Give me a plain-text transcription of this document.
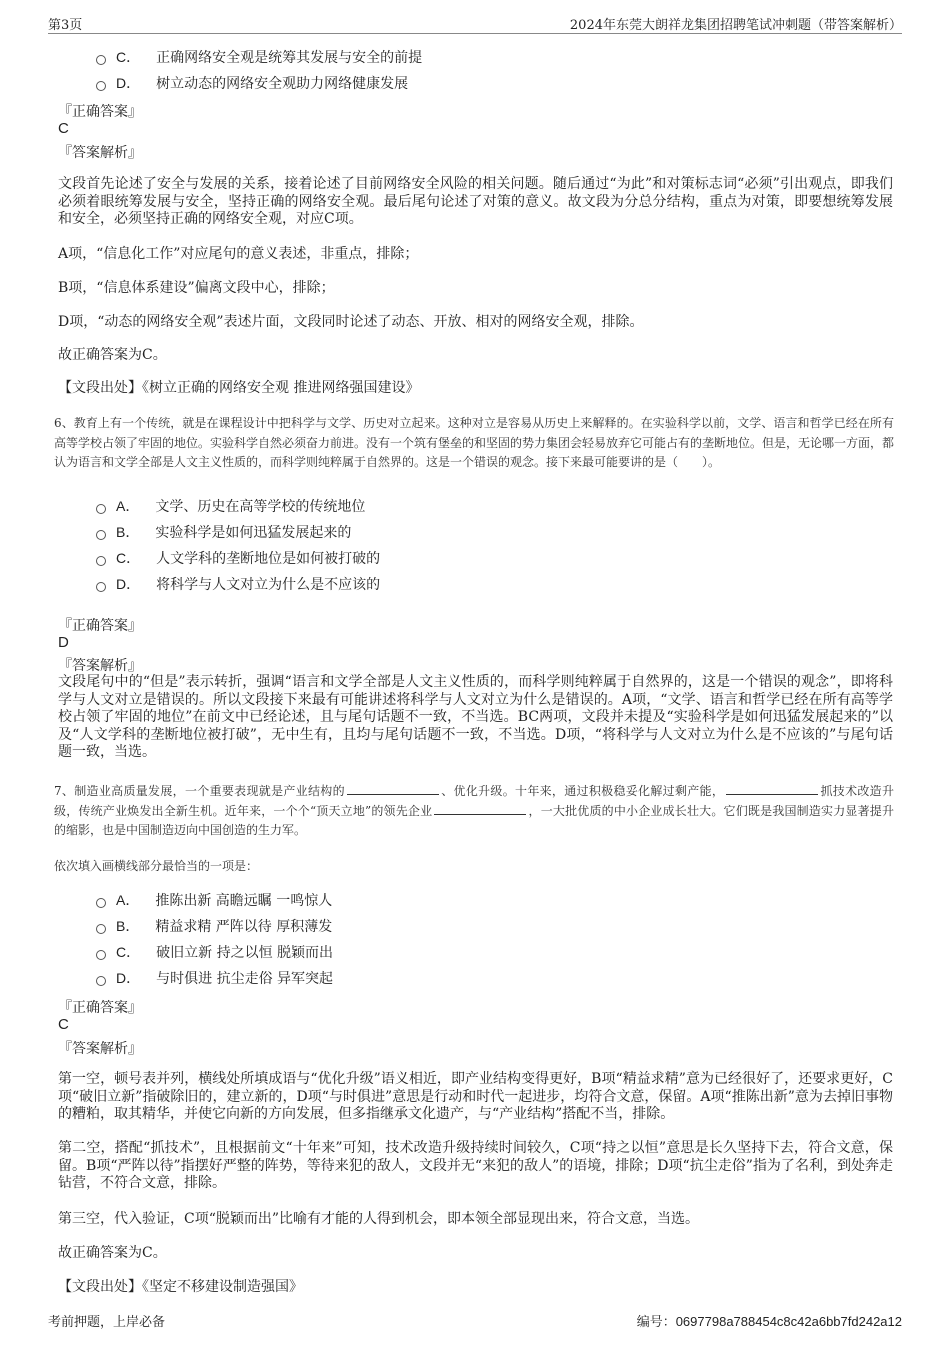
第3页	2024年东莞大朗祥龙集团招聘笔试冲刺题（带答案解析）
C． 正确网络安全观是统筹其发展与安全的前提
D． 树立动态的网络安全观助力网络健康发展
『正确答案』
C
『答案解析』
文段首先论述了安全与发展的关系，接着论述了目前网络安全风险的相关问题。随后通过“为此”和对策标志词“必须”引出观点，即我们必须着眼统筹发展与安全，坚持正确的网络安全观。最后尾句论述了对策的意义。故文段为分总分结构，重点为对策，即要想统筹发展和安全，必须坚持正确的网络安全观，对应C项。
A项，“信息化工作”对应尾句的意义表述，非重点，排除；
B项，“信息体系建设”偏离文段中心，排除；
D项，“动态的网络安全观”表述片面，文段同时论述了动态、开放、相对的网络安全观，排除。
故正确答案为C。
【文段出处】《树立正确的网络安全观 推进网络强国建设》
6、教育上有一个传统，就是在课程设计中把科学与文学、历史对立起来。这种对立是容易从历史上来解释的。在实验科学以前，文学、语言和哲学已经在所有高等学校占领了牢固的地位。实验科学自然必须奋力前进。没有一个筑有堡垒的和坚固的势力集团会轻易放弃它可能占有的垄断地位。但是，无论哪一方面，都认为语言和文学全部是人文主义性质的，而科学则纯粹属于自然界的。这是一个错误的观念。接下来最可能要讲的是（　　）。
A． 文学、历史在高等学校的传统地位
B． 实验科学是如何迅猛发展起来的
C． 人文学科的垄断地位是如何被打破的
D． 将科学与人文对立为什么是不应该的
『正确答案』
D
『答案解析』
文段尾句中的“但是”表示转折，强调“语言和文学全部是人文主义性质的，而科学则纯粹属于自然界的，这是一个错误的观念”，即将科学与人文对立是错误的。所以文段接下来最有可能讲述将科学与人文对立为什么是错误的。A项，“文学、语言和哲学已经在所有高等学校占领了牢固的地位”在前文中已经论述，且与尾句话题不一致，不当选。BC两项，文段并未提及“实验科学是如何迅猛发展起来的”以及“人文学科的垄断地位被打破”，无中生有，且均与尾句话题不一致，不当选。D项，“将科学与人文对立为什么是不应该的”与尾句话题一致，当选。
7、制造业高质量发展，一个重要表现就是产业结构的	、优化升级。十年来，通过积极稳妥化解过剩产能，	抓技术改造升级，传统产业焕发出全新生机。近年来，一个个“顶天立地”的领先企业	，一大批优质的中小企业成长壮大。它们既是我国制造实力显著提升的缩影，也是中国制造迈向中国创造的生力军。
依次填入画横线部分最恰当的一项是：
A． 推陈出新 高瞻远瞩 一鸣惊人
B． 精益求精 严阵以待 厚积薄发
C． 破旧立新 持之以恒 脱颖而出
D． 与时俱进 抗尘走俗 异军突起
『正确答案』
C
『答案解析』
第一空，顿号表并列，横线处所填成语与“优化升级”语义相近，即产业结构变得更好，B项“精益求精”意为已经很好了，还要求更好，C项“破旧立新”指破除旧的，建立新的，D项“与时俱进”意思是行动和时代一起进步，均符合文意，保留。A项“推陈出新”意为去掉旧事物的糟粕，取其精华，并使它向新的方向发展，但多指继承文化遗产，与“产业结构”搭配不当，排除。
第二空，搭配“抓技术”，且根据前文“十年来”可知，技术改造升级持续时间较久，C项“持之以恒”意思是长久坚持下去，符合文意，保留。B项“严阵以待”指摆好严整的阵势，等待来犯的敌人，文段并无“来犯的敌人”的语境，排除；D项“抗尘走俗”指为了名利，到处奔走钻营，不符合文意，排除。
第三空，代入验证，C项“脱颖而出”比喻有才能的人得到机会，即本领全部显现出来，符合文意，当选。
故正确答案为C。
【文段出处】《坚定不移建设制造强国》
考前押题，上岸必备	编号：0697798a788454c8c42a6bb7fd242a12
